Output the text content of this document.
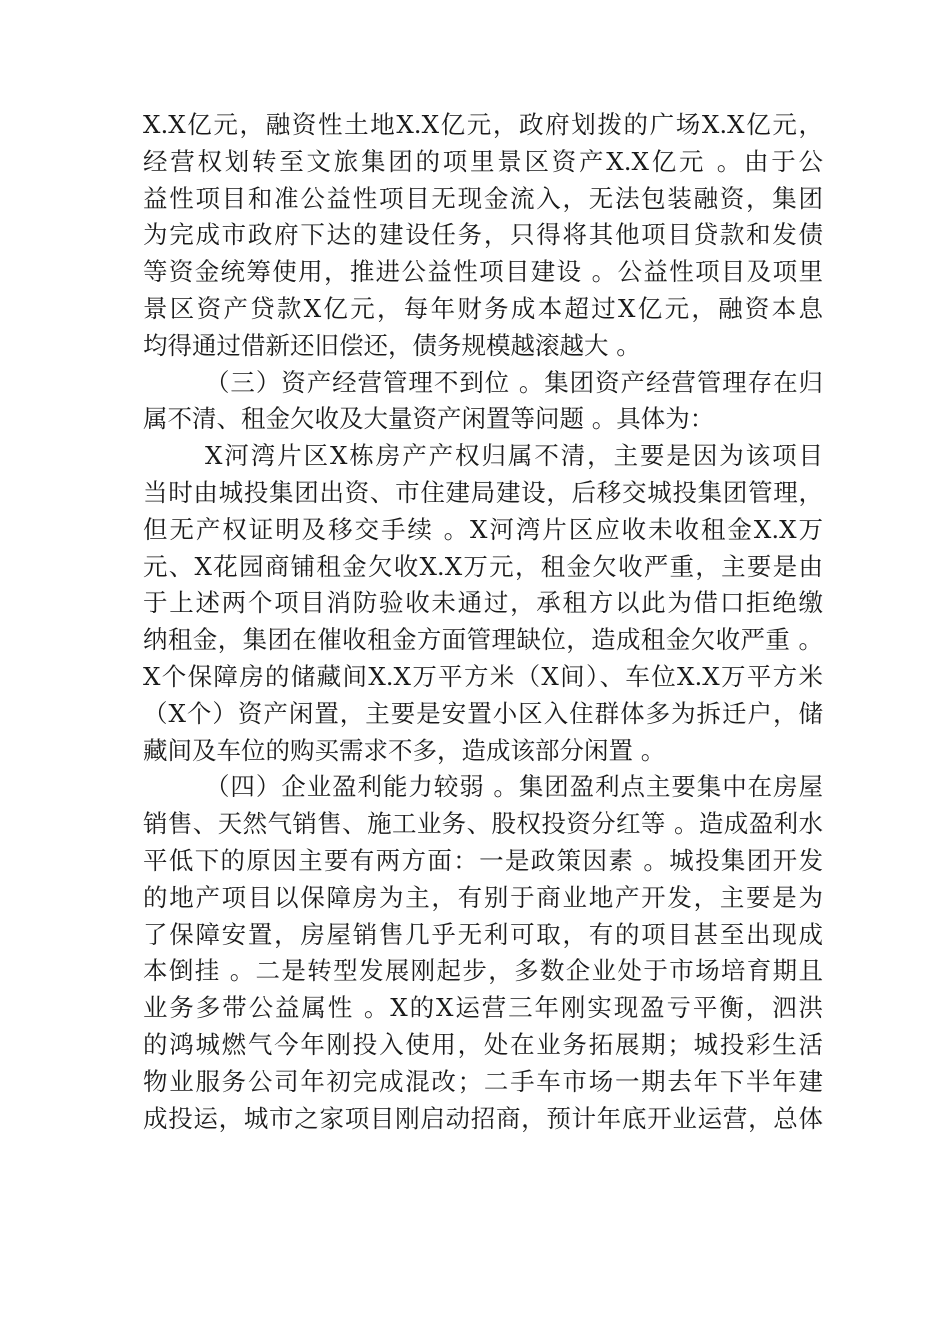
X.X亿元，融资性土地X.X亿元，政府划拨的广场X.X亿元，
经营权划转至文旅集团的项里景区资产X.X亿元 。由于公
益性项目和准公益性项目无现金流入，无法包装融资，集团
为完成市政府下达的建设任务，只得将其他项目贷款和发债
等资金统筹使用，推进公益性项目建设 。公益性项目及项里
景区资产贷款X亿元，每年财务成本超过X亿元，融资本息
均得通过借新还旧偿还，债务规模越滚越大 。
（三）资产经营管理不到位 。集团资产经营管理存在归
属不清、租金欠收及大量资产闲置等问题 。具体为：
X河湾片区X栋房产产权归属不清，主要是因为该项目
当时由城投集团出资、市住建局建设，后移交城投集团管理，
但无产权证明及移交手续 。X河湾片区应收未收租金X.X万
元、X花园商铺租金欠收X.X万元，租金欠收严重，主要是由
于上述两个项目消防验收未通过，承租方以此为借口拒绝缴
纳租金，集团在催收租金方面管理缺位，造成租金欠收严重 。
X个保障房的储藏间X.X万平方米（X间）、车位X.X万平方米
（X个）资产闲置，主要是安置小区入住群体多为拆迁户，储
藏间及车位的购买需求不多，造成该部分闲置 。
（四）企业盈利能力较弱 。集团盈利点主要集中在房屋
销售、天然气销售、施工业务、股权投资分红等 。造成盈利水
平低下的原因主要有两方面：一是政策因素 。城投集团开发
的地产项目以保障房为主，有别于商业地产开发，主要是为
了保障安置，房屋销售几乎无利可取，有的项目甚至出现成
本倒挂 。二是转型发展刚起步，多数企业处于市场培育期且
业务多带公益属性 。X的X运营三年刚实现盈亏平衡，泗洪
的鸿城燃气今年刚投入使用，处在业务拓展期；城投彩生活
物业服务公司年初完成混改；二手车市场一期去年下半年建
成投运，城市之家项目刚启动招商，预计年底开业运营，总体
